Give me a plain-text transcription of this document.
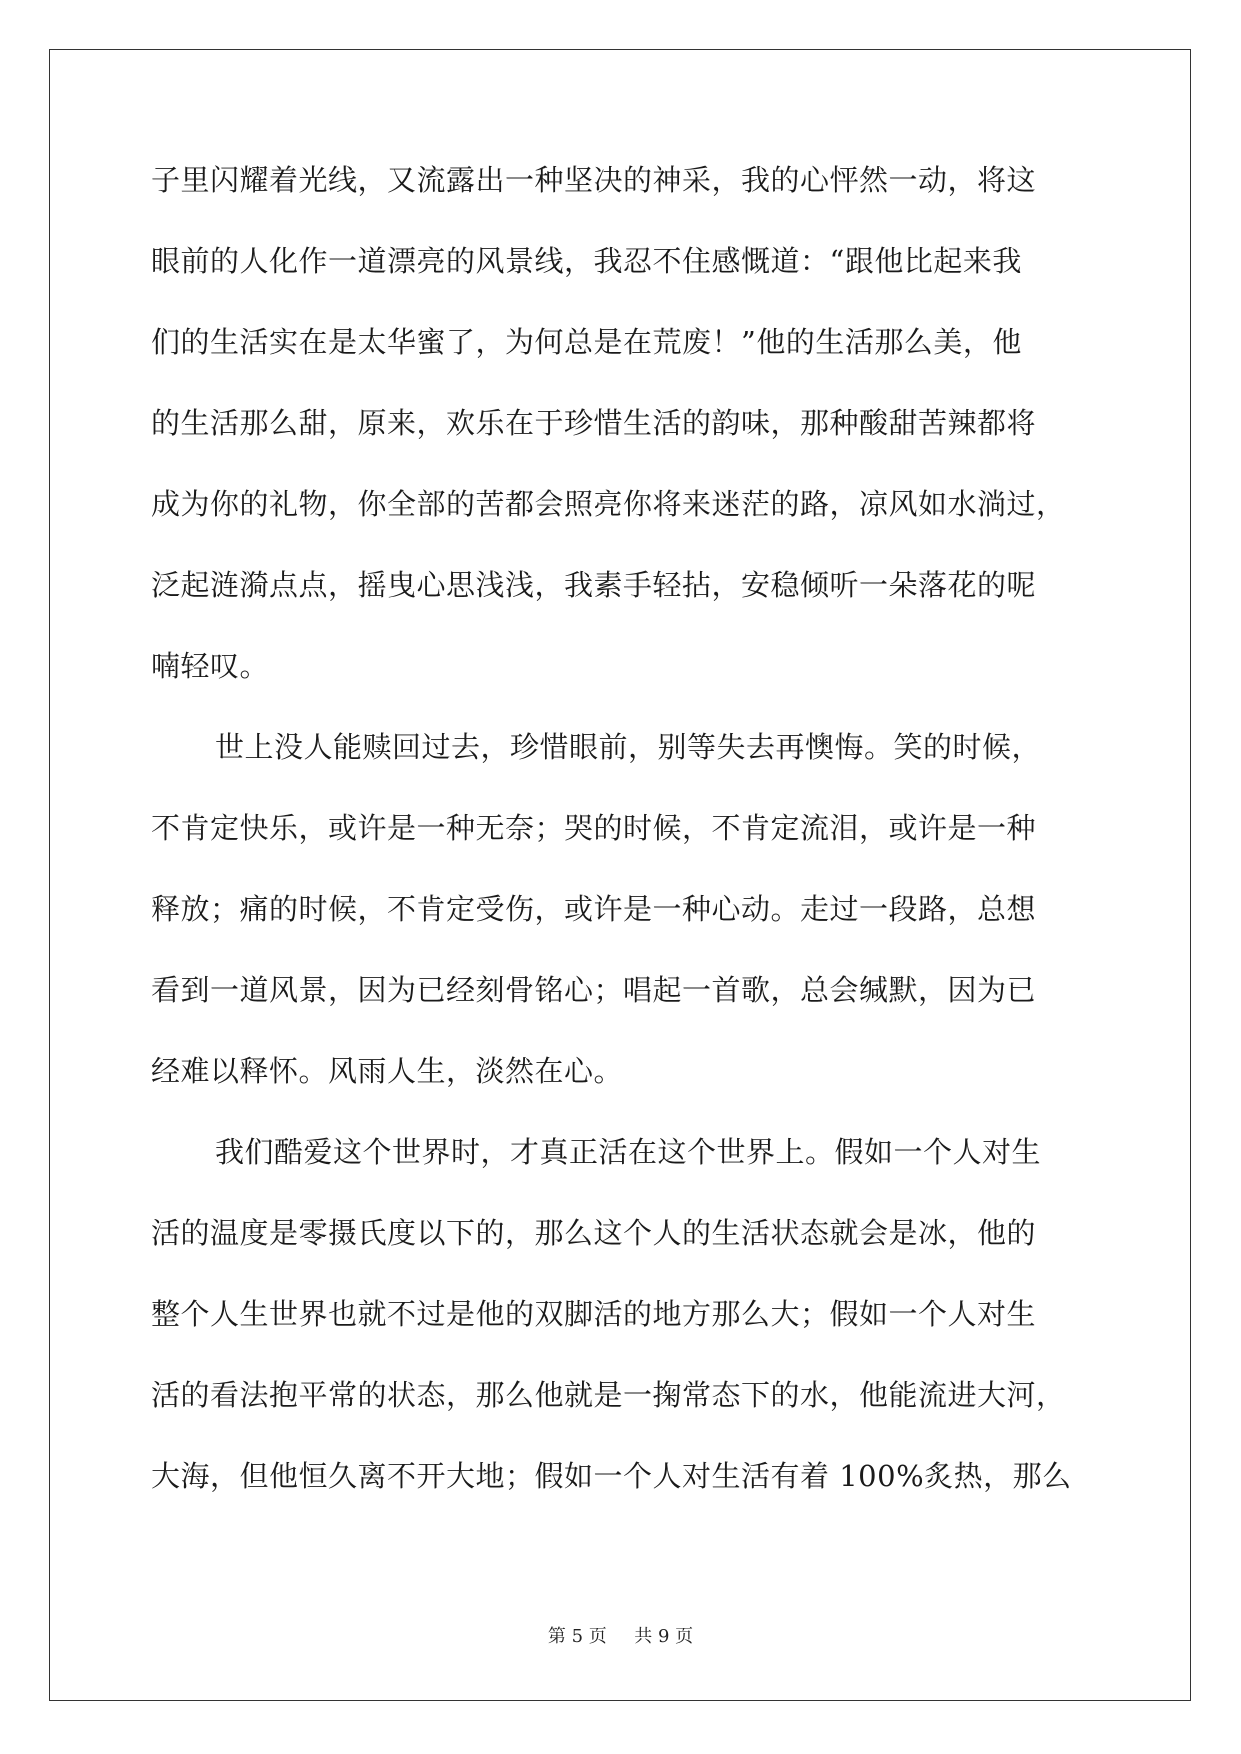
子里闪耀着光线，又流露出一种坚决的神采，我的心怦然一动，将这
眼前的人化作一道漂亮的风景线，我忍不住感慨道：“跟他比起来我
们的生活实在是太华蜜了，为何总是在荒废！”他的生活那么美，他
的生活那么甜，原来，欢乐在于珍惜生活的韵味，那种酸甜苦辣都将
成为你的礼物，你全部的苦都会照亮你将来迷茫的路，凉风如水淌过，
泛起涟漪点点，摇曳心思浅浅，我素手轻拈，安稳倾听一朵落花的呢
喃轻叹。
世上没人能赎回过去，珍惜眼前，别等失去再懊悔。笑的时候，
不肯定快乐，或许是一种无奈；哭的时候，不肯定流泪，或许是一种
释放；痛的时候，不肯定受伤，或许是一种心动。走过一段路，总想
看到一道风景，因为已经刻骨铭心；唱起一首歌，总会缄默，因为已
经难以释怀。风雨人生，淡然在心。
我们酷爱这个世界时，才真正活在这个世界上。假如一个人对生
活的温度是零摄氏度以下的，那么这个人的生活状态就会是冰，他的
整个人生世界也就不过是他的双脚活的地方那么大；假如一个人对生
活的看法抱平常的状态，那么他就是一掬常态下的水，他能流进大河，
大海，但他恒久离不开大地；假如一个人对生活有着 100%炙热，那么
第 5 页 共 9 页
